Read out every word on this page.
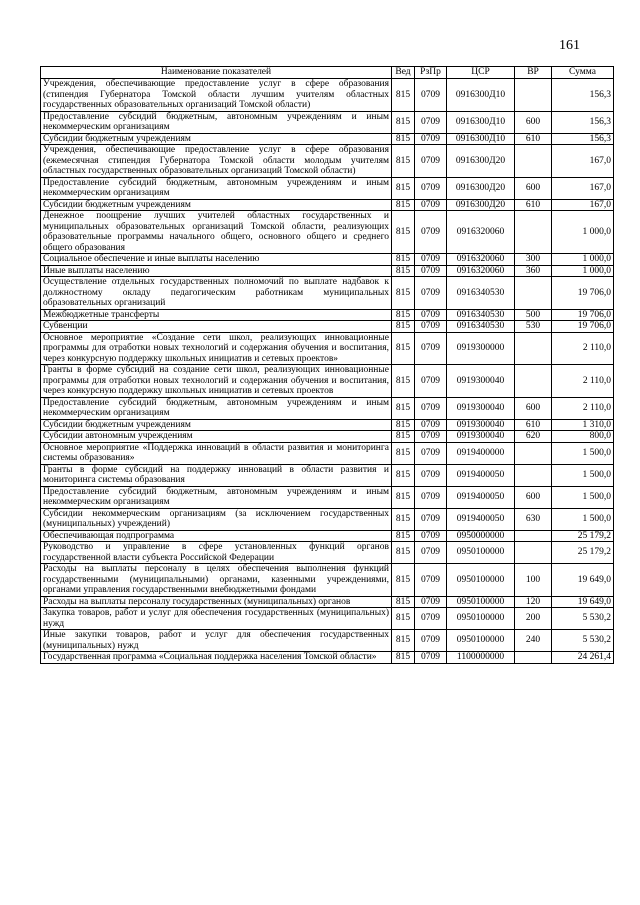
161
Наименование показателей	Вед	РзПр	ЦСР	ВР	Сумма
Учреждения, обеспечивающие предоставление услуг в сфере образования (стипендия Губернатора Томской области лучшим учителям областных государственных образовательных организаций Томской области)	815	0709	0916300Д10		156,3
Предоставление субсидий бюджетным, автономным учреждениям и иным некоммерческим организациям	815	0709	0916300Д10	600	156,3
Субсидии бюджетным учреждениям	815	0709	0916300Д10	610	156,3
Учреждения, обеспечивающие предоставление услуг в сфере образования (ежемесячная стипендия Губернатора Томской области молодым учителям областных государственных образовательных организаций Томской области)	815	0709	0916300Д20		167,0
Предоставление субсидий бюджетным, автономным учреждениям и иным некоммерческим организациям	815	0709	0916300Д20	600	167,0
Субсидии бюджетным учреждениям	815	0709	0916300Д20	610	167,0
Денежное поощрение лучших учителей областных государственных и муниципальных образовательных организаций Томской области, реализующих образовательные программы начального общего, основного общего и среднего общего образования	815	0709	0916320060		1 000,0
Социальное обеспечение и иные выплаты населению	815	0709	0916320060	300	1 000,0
Иные выплаты населению	815	0709	0916320060	360	1 000,0
Осуществление отдельных государственных полномочий по выплате надбавок к должностному окладу педагогическим работникам муниципальных образовательных организаций	815	0709	0916340530		19 706,0
Межбюджетные трансферты	815	0709	0916340530	500	19 706,0
Субвенции	815	0709	0916340530	530	19 706,0
Основное мероприятие «Создание сети школ, реализующих инновационные программы для отработки новых технологий и содержания обучения и воспитания, через конкурсную поддержку школьных инициатив и сетевых проектов»	815	0709	0919300000		2 110,0
Гранты в форме субсидий на создание сети школ, реализующих инновационные программы для отработки новых технологий и содержания обучения и воспитания, через конкурсную поддержку школьных инициатив и сетевых проектов	815	0709	0919300040		2 110,0
Предоставление субсидий бюджетным, автономным учреждениям и иным некоммерческим организациям	815	0709	0919300040	600	2 110,0
Субсидии бюджетным учреждениям	815	0709	0919300040	610	1 310,0
Субсидии автономным учреждениям	815	0709	0919300040	620	800,0
Основное мероприятие «Поддержка инноваций в области развития и мониторинга системы образования»	815	0709	0919400000		1 500,0
Гранты в форме субсидий на поддержку инноваций в области развития и мониторинга системы образования	815	0709	0919400050		1 500,0
Предоставление субсидий бюджетным, автономным учреждениям и иным некоммерческим организациям	815	0709	0919400050	600	1 500,0
Субсидии некоммерческим организациям (за исключением государственных (муниципальных) учреждений)	815	0709	0919400050	630	1 500,0
Обеспечивающая подпрограмма	815	0709	0950000000		25 179,2
Руководство и управление в сфере установленных функций органов государственной власти субъекта Российской Федерации	815	0709	0950100000		25 179,2
Расходы на выплаты персоналу в целях обеспечения выполнения функций государственными (муниципальными) органами, казенными учреждениями, органами управления государственными внебюджетными фондами	815	0709	0950100000	100	19 649,0
Расходы на выплаты персоналу государственных (муниципальных) органов	815	0709	0950100000	120	19 649,0
Закупка товаров, работ и услуг для обеспечения государственных (муниципальных) нужд	815	0709	0950100000	200	5 530,2
Иные закупки товаров, работ и услуг для обеспечения государственных (муниципальных) нужд	815	0709	0950100000	240	5 530,2
Государственная программа «Социальная поддержка населения Томской области»	815	0709	1100000000		24 261,4
